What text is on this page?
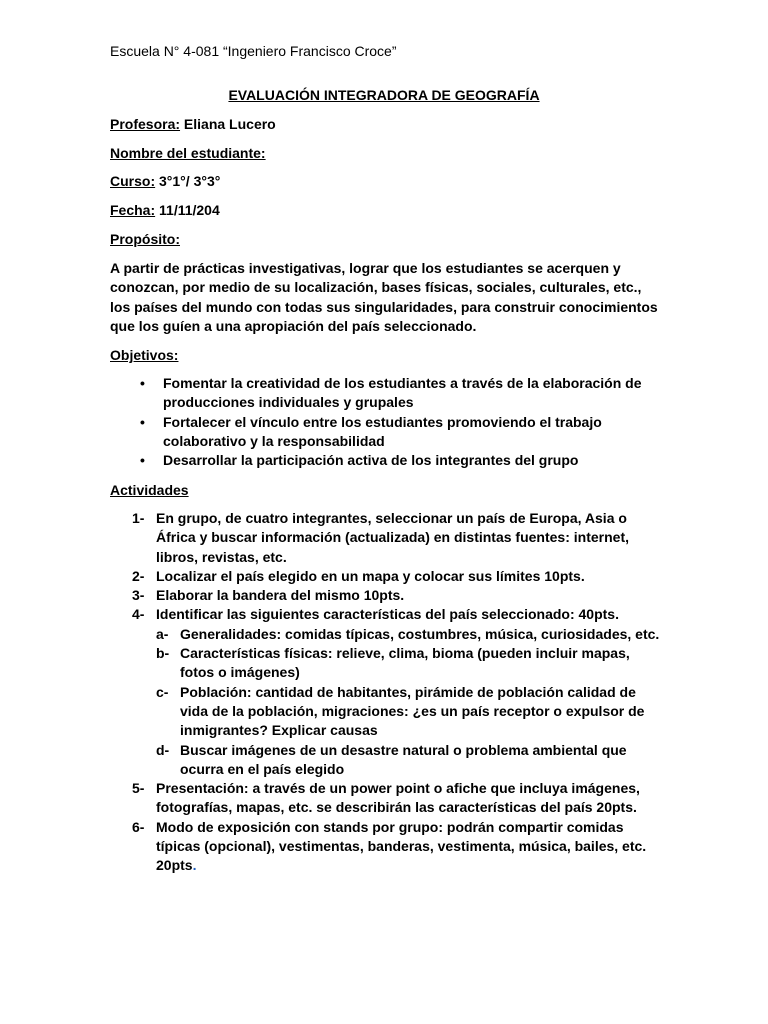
Escuela N° 4-081 “Ingeniero Francisco Croce”
EVALUACIÓN INTEGRADORA DE GEOGRAFÍA
Profesora: Eliana Lucero
Nombre del estudiante:
Curso: 3°1°/ 3°3°
Fecha: 11/11/204
Propósito:
A partir de prácticas investigativas, lograr que los estudiantes se acerquen y conozcan, por medio de su localización, bases físicas, sociales, culturales, etc., los países del mundo con todas sus singularidades, para construir conocimientos que los guíen a una apropiación del país seleccionado.
Objetivos:
• Fomentar la creatividad de los estudiantes a través de la elaboración de producciones individuales y grupales
• Fortalecer el vínculo entre los estudiantes promoviendo el trabajo colaborativo y la responsabilidad
• Desarrollar la participación activa de los integrantes del grupo
Actividades
1- En grupo, de cuatro integrantes, seleccionar un país de Europa, Asia o África y buscar información (actualizada) en distintas fuentes: internet, libros, revistas, etc.
2- Localizar el país elegido en un mapa y colocar sus límites 10pts.
3- Elaborar la bandera del mismo 10pts.
4- Identificar las siguientes características del país seleccionado: 40pts.
a- Generalidades: comidas típicas, costumbres, música, curiosidades, etc.
b- Características físicas: relieve, clima, bioma (pueden incluir mapas, fotos o imágenes)
c- Población: cantidad de habitantes, pirámide de población calidad de vida de la población, migraciones: ¿es un país receptor o expulsor de inmigrantes? Explicar causas
d- Buscar imágenes de un desastre natural o problema ambiental que ocurra en el país elegido
5- Presentación: a través de un power point o afiche que incluya imágenes, fotografías, mapas, etc. se describirán las características del país 20pts.
6- Modo de exposición con stands por grupo: podrán compartir comidas típicas (opcional), vestimentas, banderas, vestimenta, música, bailes, etc. 20pts.
